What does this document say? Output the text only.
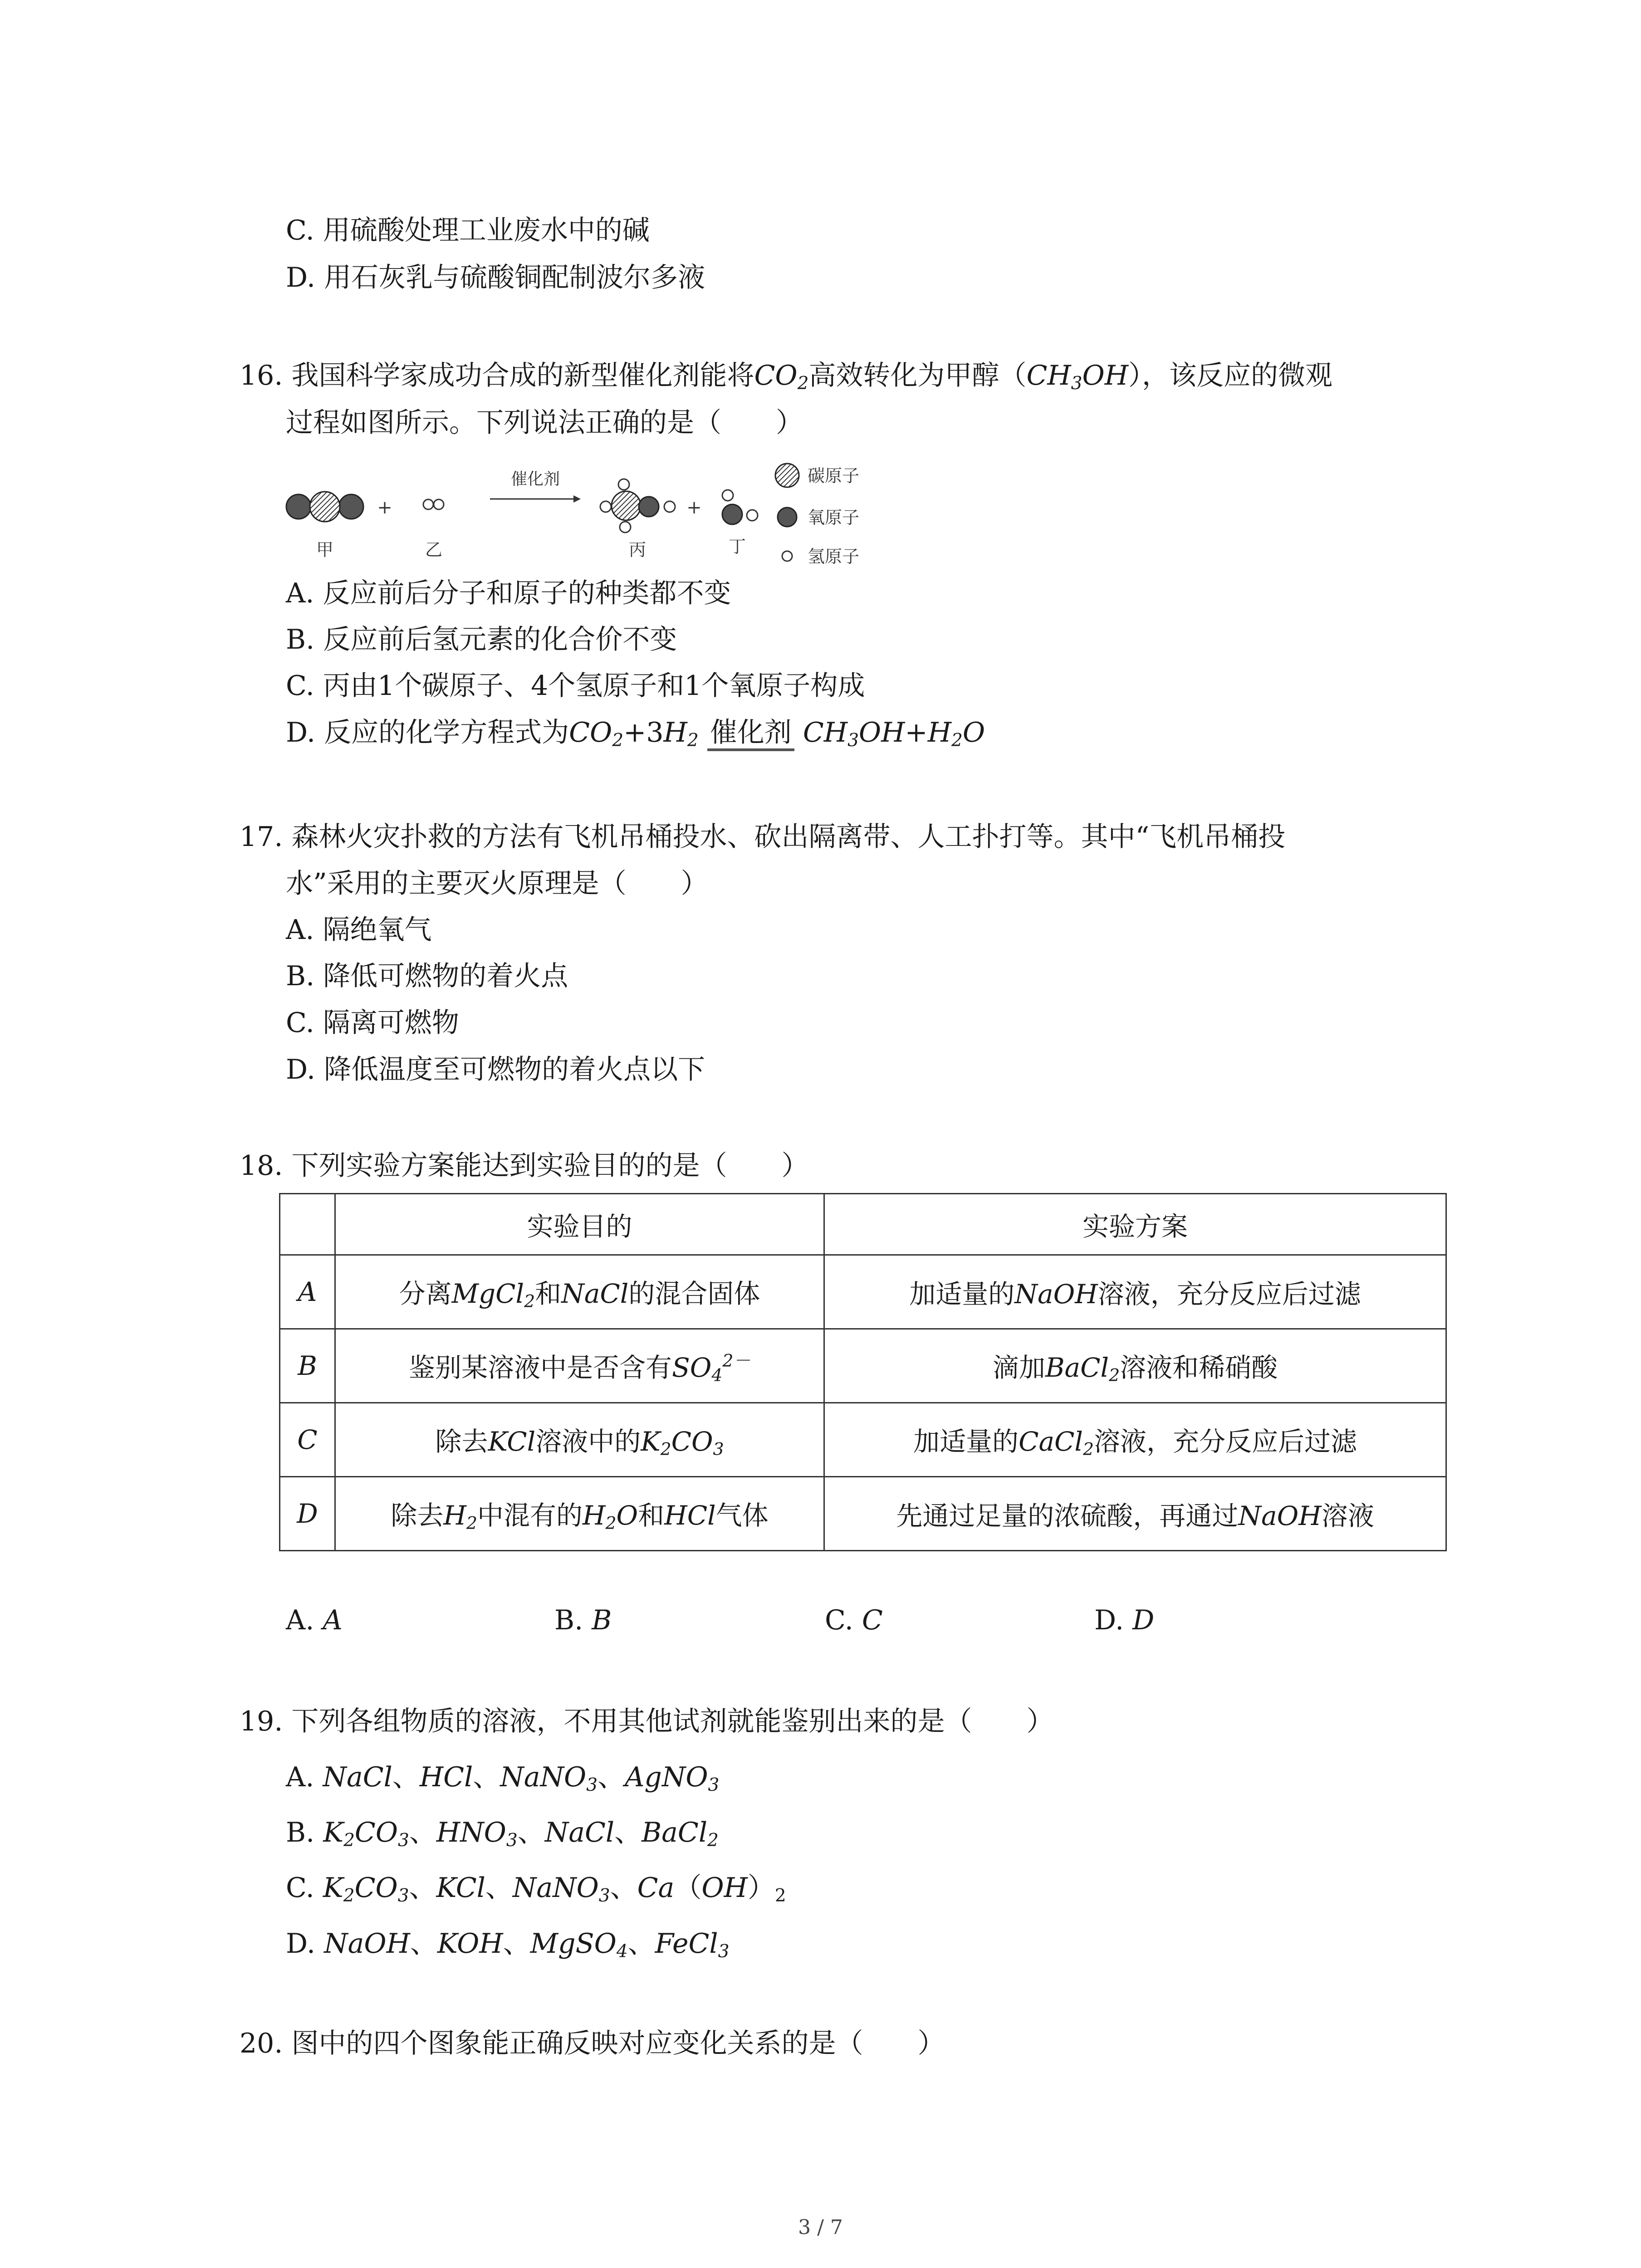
C. 用硫酸处理工业废水中的碱
D. 用石灰乳与硫酸铜配制波尔多液
16. 我国科学家成功合成的新型催化剂能将$CO_2$高效转化为甲醇$(CH_3OH)$，该反应的微观
过程如图所示。下列说法正确的是（　　）
+
催化剂
+
碳原子
氧原子
氢原子
甲	乙	丙	丁
A. 反应前后分子和原子的种类都不变
B. 反应前后氢元素的化合价不变
C. 丙由1个碳原子、4个氢原子和1个氧原子构成
D. 反应的化学方程式为$CO_2+3H_2$ 催化剂 $CH_3OH+H_2O$
17. 森林火灾扑救的方法有飞机吊桶投水、砍出隔离带、人工扑打等。其中“飞机吊桶投
水”采用的主要灭火原理是（　　）
A. 隔绝氧气
B. 降低可燃物的着火点
C. 隔离可燃物
D. 降低温度至可燃物的着火点以下
18. 下列实验方案能达到实验目的的是（　　）
	实验目的	实验方案
A	分离MgCl$_2$和NaCl的混合固体	加适量的NaOH溶液，充分反应后过滤
B	鉴别某溶液中是否含有$SO_4^{2-}$	滴加BaCl$_2$溶液和稀硝酸
C	除去KCl溶液中的$K_2CO_3$	加适量的CaCl$_2$溶液，充分反应后过滤
D	除去$H_2$中混有的$H_2O$和HCl气体	先通过足量的浓硫酸，再通过NaOH溶液
A. A	B. B	C. C	D. D
19. 下列各组物质的溶液，不用其他试剂就能鉴别出来的是（　　）
A. NaCl、HCl、NaNO$_3$、AgNO$_3$
B. $K_2CO_3$、$HNO_3$、NaCl、BaCl$_2$
C. $K_2CO_3$、KCl、NaNO$_3$、$Ca(OH)_2$
D. NaOH、KOH、MgSO$_4$、FeCl$_3$
20. 图中的四个图象能正确反映对应变化关系的是（　　）
3 / 7
